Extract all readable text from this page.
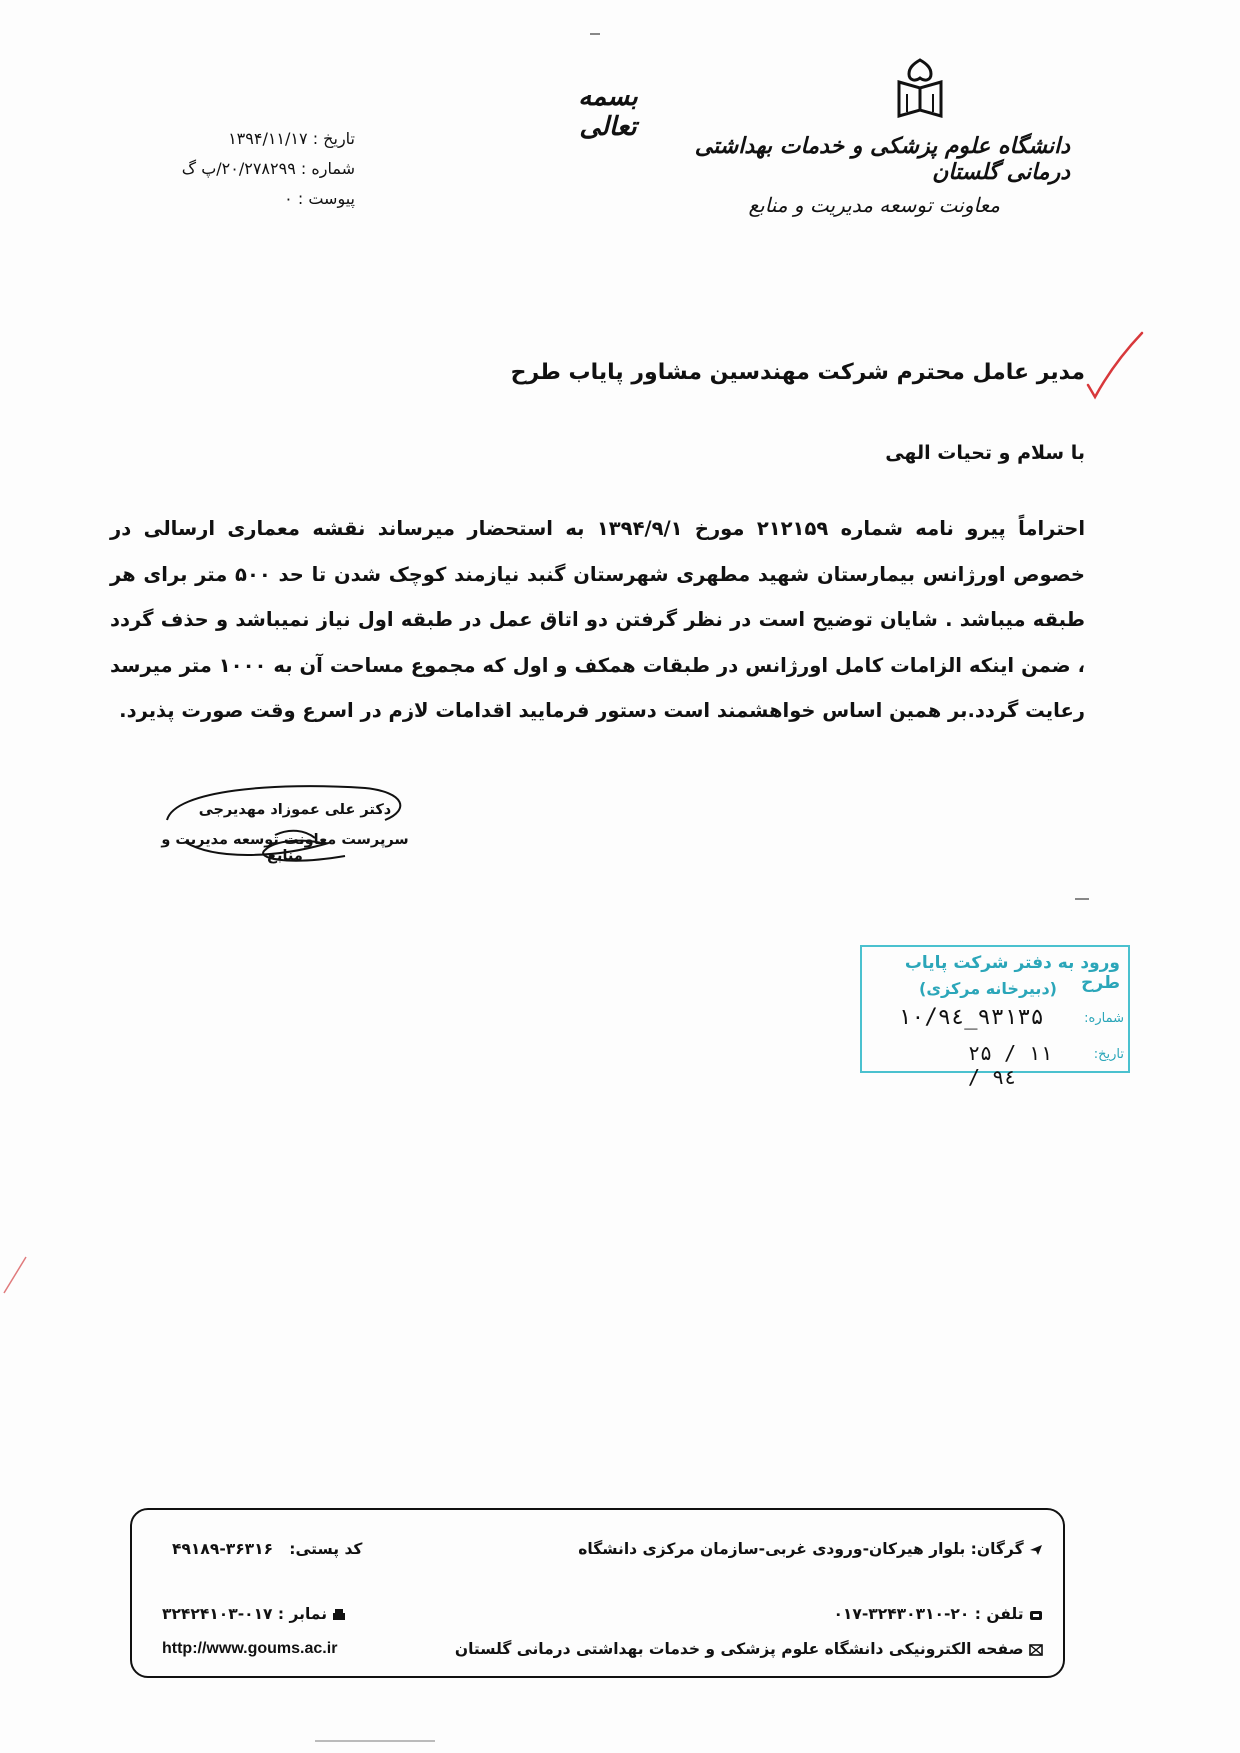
دانشگاه علوم پزشکی و خدمات بهداشتی درمانی گلستان
معاونت توسعه مدیریت و منابع
بسمه تعالی
تاریخ : ۱۳۹۴/۱۱/۱۷
شماره : ۲۰/۲۷۸۲۹۹/پ گ
پیوست : ۰
مدیر عامل محترم شرکت مهندسین مشاور پایاب طرح
با سلام و تحیات الهی
احتراماً پیرو نامه شماره ۲۱۲۱۵۹ مورخ ۱۳۹۴/۹/۱ به استحضار میرساند نقشه معماری ارسالی در خصوص اورژانس بیمارستان شهید مطهری شهرستان گنبد نیازمند کوچک شدن تا حد ۵۰۰ متر برای هر طبقه میباشد . شایان توضیح است در نظر گرفتن دو اتاق عمل در طبقه اول نیاز نمیباشد و حذف گردد ، ضمن اینکه الزامات کامل اورژانس در طبقات همکف و اول که مجموع مساحت آن به ۱۰۰۰ متر میرسد رعایت گردد.بر همین اساس خواهشمند است دستور فرمایید اقدامات لازم در اسرع وقت صورت پذیرد.
دکتر علی عموزاد مهدیرجی
سرپرست معاونت توسعه مدیریت و منابع
ورود به دفتر شرکت پایاب طرح
(دبیرخانه مرکزی)
شماره:
۱۰/۹٤_۹۳۱۳۵
تاریخ:
۲۵ / ۱۱ / ۹٤
گرگان: بلوار هیرکان-ورودی غربی-سازمان مرکزی دانشگاه
کد پستی:   ۳۶۳۱۶-۴۹۱۸۹
تلفن : ۲۰-۳۲۴۳۰۳۱۰-۰۱۷
نمابر : ۰۱۷-۳۲۴۲۴۱۰۳
صفحه الکترونیکی دانشگاه علوم پزشکی و خدمات بهداشتی درمانی گلستان
http://www.goums.ac.ir
